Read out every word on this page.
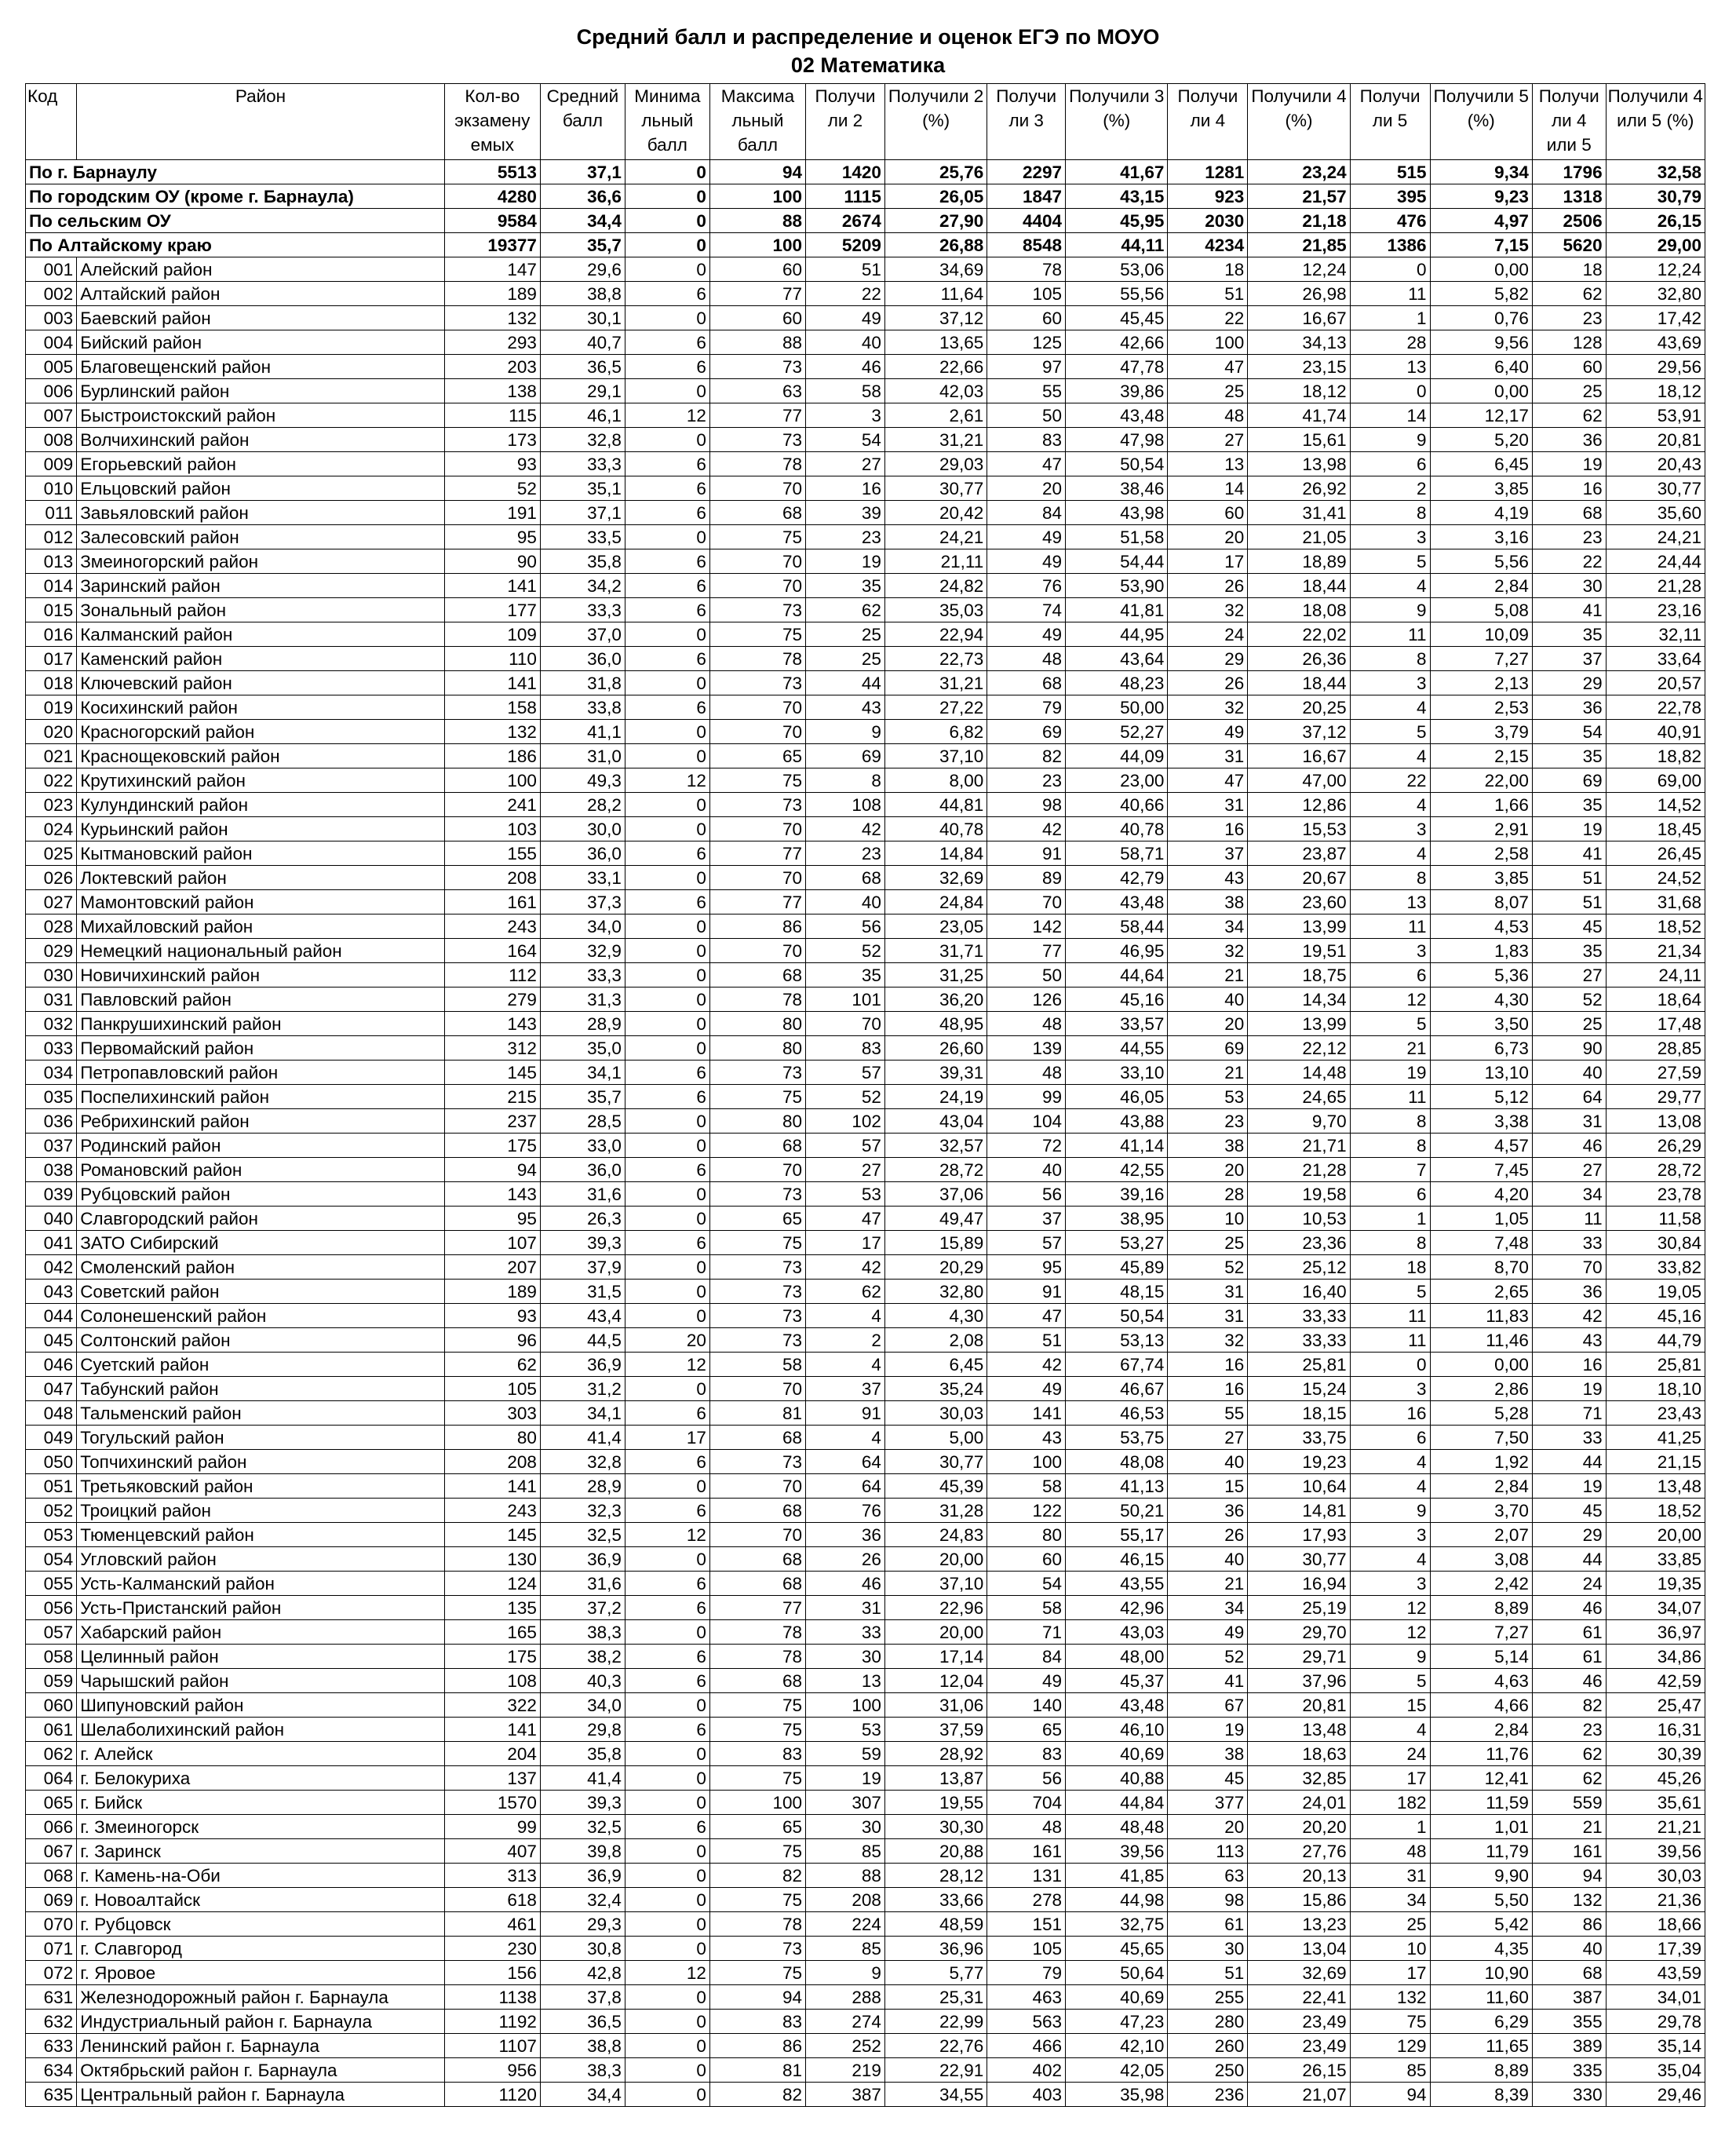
Средний балл и распределение и оценок ЕГЭ по МОУО
02 Математика
Код	Район	Кол-во экзамену емых	Средний балл	Минима льный балл	Максима льный балл	Получи ли 2	Получили 2 (%)	Получи ли 3	Получили 3 (%)	Получи ли 4	Получили 4 (%)	Получи ли 5	Получили 5 (%)	Получи ли 4 или 5	Получили 4 или 5 (%)
По г. Барнаулу		5513	37,1	0	94	1420	25,76	2297	41,67	1281	23,24	515	9,34	1796	32,58
По городским ОУ (кроме г. Барнаула)		4280	36,6	0	100	1115	26,05	1847	43,15	923	21,57	395	9,23	1318	30,79
По сельским ОУ		9584	34,4	0	88	2674	27,90	4404	45,95	2030	21,18	476	4,97	2506	26,15
По Алтайскому краю		19377	35,7	0	100	5209	26,88	8548	44,11	4234	21,85	1386	7,15	5620	29,00
001	Алейский район	147	29,6	0	60	51	34,69	78	53,06	18	12,24	0	0,00	18	12,24
002	Алтайский район	189	38,8	6	77	22	11,64	105	55,56	51	26,98	11	5,82	62	32,80
003	Баевский район	132	30,1	0	60	49	37,12	60	45,45	22	16,67	1	0,76	23	17,42
004	Бийский район	293	40,7	6	88	40	13,65	125	42,66	100	34,13	28	9,56	128	43,69
005	Благовещенский район	203	36,5	6	73	46	22,66	97	47,78	47	23,15	13	6,40	60	29,56
006	Бурлинский район	138	29,1	0	63	58	42,03	55	39,86	25	18,12	0	0,00	25	18,12
007	Быстроистокский район	115	46,1	12	77	3	2,61	50	43,48	48	41,74	14	12,17	62	53,91
008	Волчихинский район	173	32,8	0	73	54	31,21	83	47,98	27	15,61	9	5,20	36	20,81
009	Егорьевский район	93	33,3	6	78	27	29,03	47	50,54	13	13,98	6	6,45	19	20,43
010	Ельцовский район	52	35,1	6	70	16	30,77	20	38,46	14	26,92	2	3,85	16	30,77
011	Завьяловский район	191	37,1	6	68	39	20,42	84	43,98	60	31,41	8	4,19	68	35,60
012	Залесовский район	95	33,5	0	75	23	24,21	49	51,58	20	21,05	3	3,16	23	24,21
013	Змеиногорский район	90	35,8	6	70	19	21,11	49	54,44	17	18,89	5	5,56	22	24,44
014	Заринский район	141	34,2	6	70	35	24,82	76	53,90	26	18,44	4	2,84	30	21,28
015	Зональный район	177	33,3	6	73	62	35,03	74	41,81	32	18,08	9	5,08	41	23,16
016	Калманский район	109	37,0	0	75	25	22,94	49	44,95	24	22,02	11	10,09	35	32,11
017	Каменский район	110	36,0	6	78	25	22,73	48	43,64	29	26,36	8	7,27	37	33,64
018	Ключевский район	141	31,8	0	73	44	31,21	68	48,23	26	18,44	3	2,13	29	20,57
019	Косихинский район	158	33,8	6	70	43	27,22	79	50,00	32	20,25	4	2,53	36	22,78
020	Красногорский район	132	41,1	0	70	9	6,82	69	52,27	49	37,12	5	3,79	54	40,91
021	Краснощековский район	186	31,0	0	65	69	37,10	82	44,09	31	16,67	4	2,15	35	18,82
022	Крутихинский район	100	49,3	12	75	8	8,00	23	23,00	47	47,00	22	22,00	69	69,00
023	Кулундинский район	241	28,2	0	73	108	44,81	98	40,66	31	12,86	4	1,66	35	14,52
024	Курьинский район	103	30,0	0	70	42	40,78	42	40,78	16	15,53	3	2,91	19	18,45
025	Кытмановский район	155	36,0	6	77	23	14,84	91	58,71	37	23,87	4	2,58	41	26,45
026	Локтевский район	208	33,1	0	70	68	32,69	89	42,79	43	20,67	8	3,85	51	24,52
027	Мамонтовский район	161	37,3	6	77	40	24,84	70	43,48	38	23,60	13	8,07	51	31,68
028	Михайловский район	243	34,0	0	86	56	23,05	142	58,44	34	13,99	11	4,53	45	18,52
029	Немецкий национальный район	164	32,9	0	70	52	31,71	77	46,95	32	19,51	3	1,83	35	21,34
030	Новичихинский район	112	33,3	0	68	35	31,25	50	44,64	21	18,75	6	5,36	27	24,11
031	Павловский район	279	31,3	0	78	101	36,20	126	45,16	40	14,34	12	4,30	52	18,64
032	Панкрушихинский район	143	28,9	0	80	70	48,95	48	33,57	20	13,99	5	3,50	25	17,48
033	Первомайский район	312	35,0	0	80	83	26,60	139	44,55	69	22,12	21	6,73	90	28,85
034	Петропавловский район	145	34,1	6	73	57	39,31	48	33,10	21	14,48	19	13,10	40	27,59
035	Поспелихинский район	215	35,7	6	75	52	24,19	99	46,05	53	24,65	11	5,12	64	29,77
036	Ребрихинский район	237	28,5	0	80	102	43,04	104	43,88	23	9,70	8	3,38	31	13,08
037	Родинский район	175	33,0	0	68	57	32,57	72	41,14	38	21,71	8	4,57	46	26,29
038	Романовский район	94	36,0	6	70	27	28,72	40	42,55	20	21,28	7	7,45	27	28,72
039	Рубцовский район	143	31,6	0	73	53	37,06	56	39,16	28	19,58	6	4,20	34	23,78
040	Славгородский район	95	26,3	0	65	47	49,47	37	38,95	10	10,53	1	1,05	11	11,58
041	ЗАТО Сибирский	107	39,3	6	75	17	15,89	57	53,27	25	23,36	8	7,48	33	30,84
042	Смоленский район	207	37,9	0	73	42	20,29	95	45,89	52	25,12	18	8,70	70	33,82
043	Советский район	189	31,5	0	73	62	32,80	91	48,15	31	16,40	5	2,65	36	19,05
044	Солонешенский район	93	43,4	0	73	4	4,30	47	50,54	31	33,33	11	11,83	42	45,16
045	Солтонский район	96	44,5	20	73	2	2,08	51	53,13	32	33,33	11	11,46	43	44,79
046	Суетский район	62	36,9	12	58	4	6,45	42	67,74	16	25,81	0	0,00	16	25,81
047	Табунский район	105	31,2	0	70	37	35,24	49	46,67	16	15,24	3	2,86	19	18,10
048	Тальменский район	303	34,1	6	81	91	30,03	141	46,53	55	18,15	16	5,28	71	23,43
049	Тогульский район	80	41,4	17	68	4	5,00	43	53,75	27	33,75	6	7,50	33	41,25
050	Топчихинский район	208	32,8	6	73	64	30,77	100	48,08	40	19,23	4	1,92	44	21,15
051	Третьяковский район	141	28,9	0	70	64	45,39	58	41,13	15	10,64	4	2,84	19	13,48
052	Троицкий район	243	32,3	6	68	76	31,28	122	50,21	36	14,81	9	3,70	45	18,52
053	Тюменцевский район	145	32,5	12	70	36	24,83	80	55,17	26	17,93	3	2,07	29	20,00
054	Угловский район	130	36,9	0	68	26	20,00	60	46,15	40	30,77	4	3,08	44	33,85
055	Усть-Калманский район	124	31,6	6	68	46	37,10	54	43,55	21	16,94	3	2,42	24	19,35
056	Усть-Пристанский район	135	37,2	6	77	31	22,96	58	42,96	34	25,19	12	8,89	46	34,07
057	Хабарский район	165	38,3	0	78	33	20,00	71	43,03	49	29,70	12	7,27	61	36,97
058	Целинный район	175	38,2	6	78	30	17,14	84	48,00	52	29,71	9	5,14	61	34,86
059	Чарышский район	108	40,3	6	68	13	12,04	49	45,37	41	37,96	5	4,63	46	42,59
060	Шипуновский район	322	34,0	0	75	100	31,06	140	43,48	67	20,81	15	4,66	82	25,47
061	Шелаболихинский район	141	29,8	6	75	53	37,59	65	46,10	19	13,48	4	2,84	23	16,31
062	г. Алейск	204	35,8	0	83	59	28,92	83	40,69	38	18,63	24	11,76	62	30,39
064	г. Белокуриха	137	41,4	0	75	19	13,87	56	40,88	45	32,85	17	12,41	62	45,26
065	г. Бийск	1570	39,3	0	100	307	19,55	704	44,84	377	24,01	182	11,59	559	35,61
066	г. Змеиногорск	99	32,5	6	65	30	30,30	48	48,48	20	20,20	1	1,01	21	21,21
067	г. Заринск	407	39,8	0	75	85	20,88	161	39,56	113	27,76	48	11,79	161	39,56
068	г. Камень-на-Оби	313	36,9	0	82	88	28,12	131	41,85	63	20,13	31	9,90	94	30,03
069	г. Новоалтайск	618	32,4	0	75	208	33,66	278	44,98	98	15,86	34	5,50	132	21,36
070	г. Рубцовск	461	29,3	0	78	224	48,59	151	32,75	61	13,23	25	5,42	86	18,66
071	г. Славгород	230	30,8	0	73	85	36,96	105	45,65	30	13,04	10	4,35	40	17,39
072	г. Яровое	156	42,8	12	75	9	5,77	79	50,64	51	32,69	17	10,90	68	43,59
631	Железнодорожный район г. Барнаула	1138	37,8	0	94	288	25,31	463	40,69	255	22,41	132	11,60	387	34,01
632	Индустриальный район г. Барнаула	1192	36,5	0	83	274	22,99	563	47,23	280	23,49	75	6,29	355	29,78
633	Ленинский район г. Барнаула	1107	38,8	0	86	252	22,76	466	42,10	260	23,49	129	11,65	389	35,14
634	Октябрьский район г. Барнаула	956	38,3	0	81	219	22,91	402	42,05	250	26,15	85	8,89	335	35,04
635	Центральный район г. Барнаула	1120	34,4	0	82	387	34,55	403	35,98	236	21,07	94	8,39	330	29,46
